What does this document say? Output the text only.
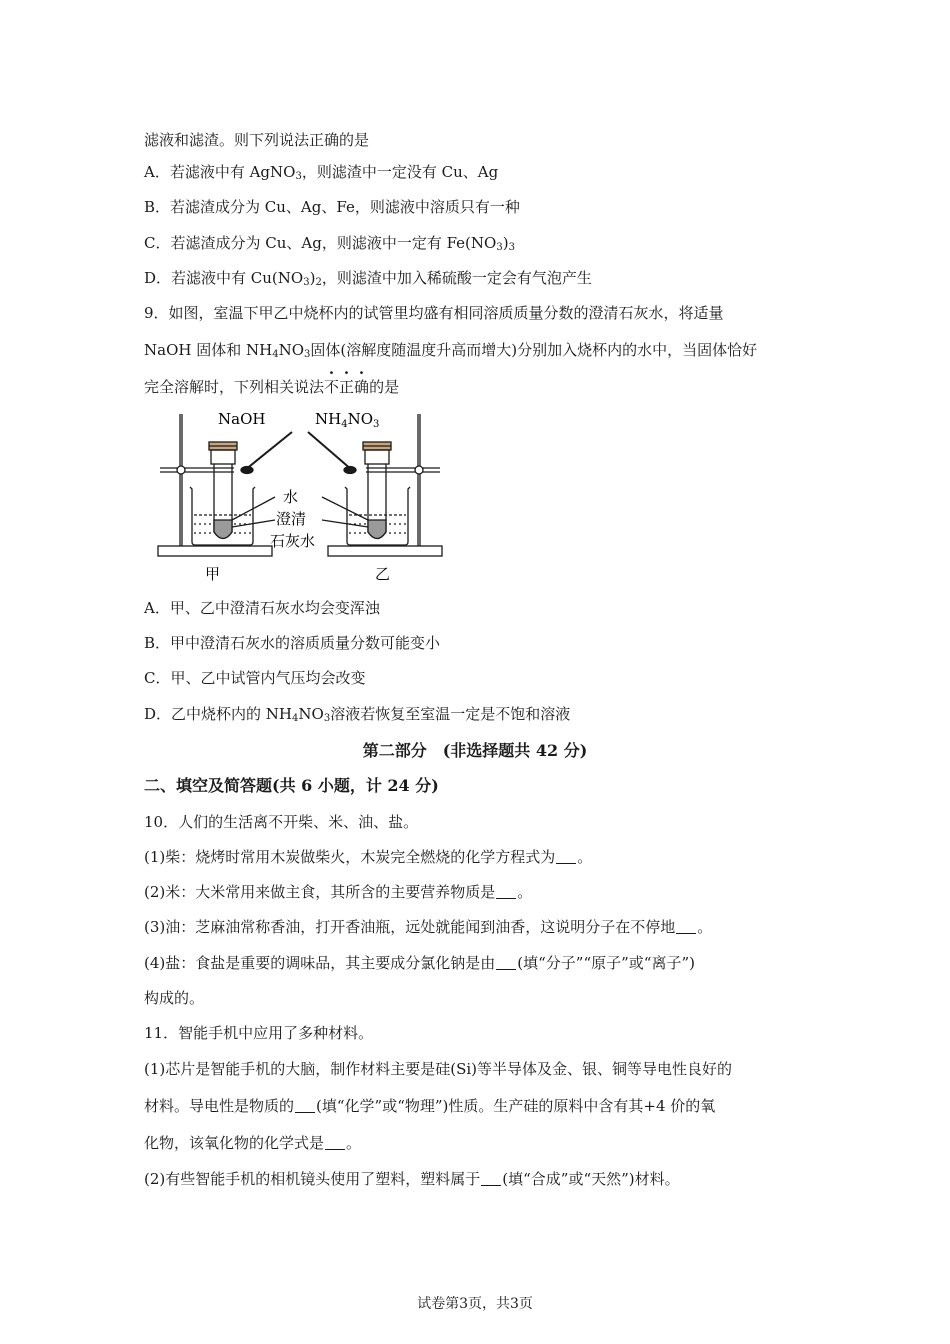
滤液和滤渣。则下列说法正确的是
A．若滤液中有 AgNO$_3$，则滤渣中一定没有 Cu、Ag
B．若滤渣成分为 Cu、Ag、Fe，则滤液中溶质只有一种
C．若滤渣成分为 Cu、Ag，则滤液中一定有 $Fe(NO_3)_3$
D．若滤液中有 $Cu(NO_3)_2$，则滤渣中加入稀硫酸一定会有气泡产生
9．如图，室温下甲乙中烧杯内的试管里均盛有相同溶质质量分数的澄清石灰水，将适量
NaOH 固体和 $NH_4NO_3$固体(溶解度随温度升高而增大)分别加入烧杯内的水中，当固体恰好
完全溶解时，下列相关说法不正确的是
NaOH	$NH_4NO_3$
水
澄清
石灰水
甲	乙
A．甲、乙中澄清石灰水均会变浑浊
B．甲中澄清石灰水的溶质质量分数可能变小
C．甲、乙中试管内气压均会改变
D．乙中烧杯内的 $NH_4NO_3$溶液若恢复至室温一定是不饱和溶液
第二部分　(非选择题共 42 分)
二、填空及简答题(共 6 小题，计 24 分)
10．人们的生活离不开柴、米、油、盐。
(1)柴：烧烤时常用木炭做柴火，木炭完全燃烧的化学方程式为 。
(2)米：大米常用来做主食，其所含的主要营养物质是 。
(3)油：芝麻油常称香油，打开香油瓶，远处就能闻到油香，这说明分子在不停地 。
(4)盐：食盐是重要的调味品，其主要成分氯化钠是由 (填“分子”“原子”或“离子”)
构成的。
11．智能手机中应用了多种材料。
(1)芯片是智能手机的大脑，制作材料主要是硅(Si)等半导体及金、银、铜等导电性良好的
材料。导电性是物质的 (填“化学”或“物理”)性质。生产硅的原料中含有其+4 价的氧
化物，该氧化物的化学式是 。
(2)有些智能手机的相机镜头使用了塑料，塑料属于 (填“合成”或“天然”)材料。
试卷第3页，共3页
